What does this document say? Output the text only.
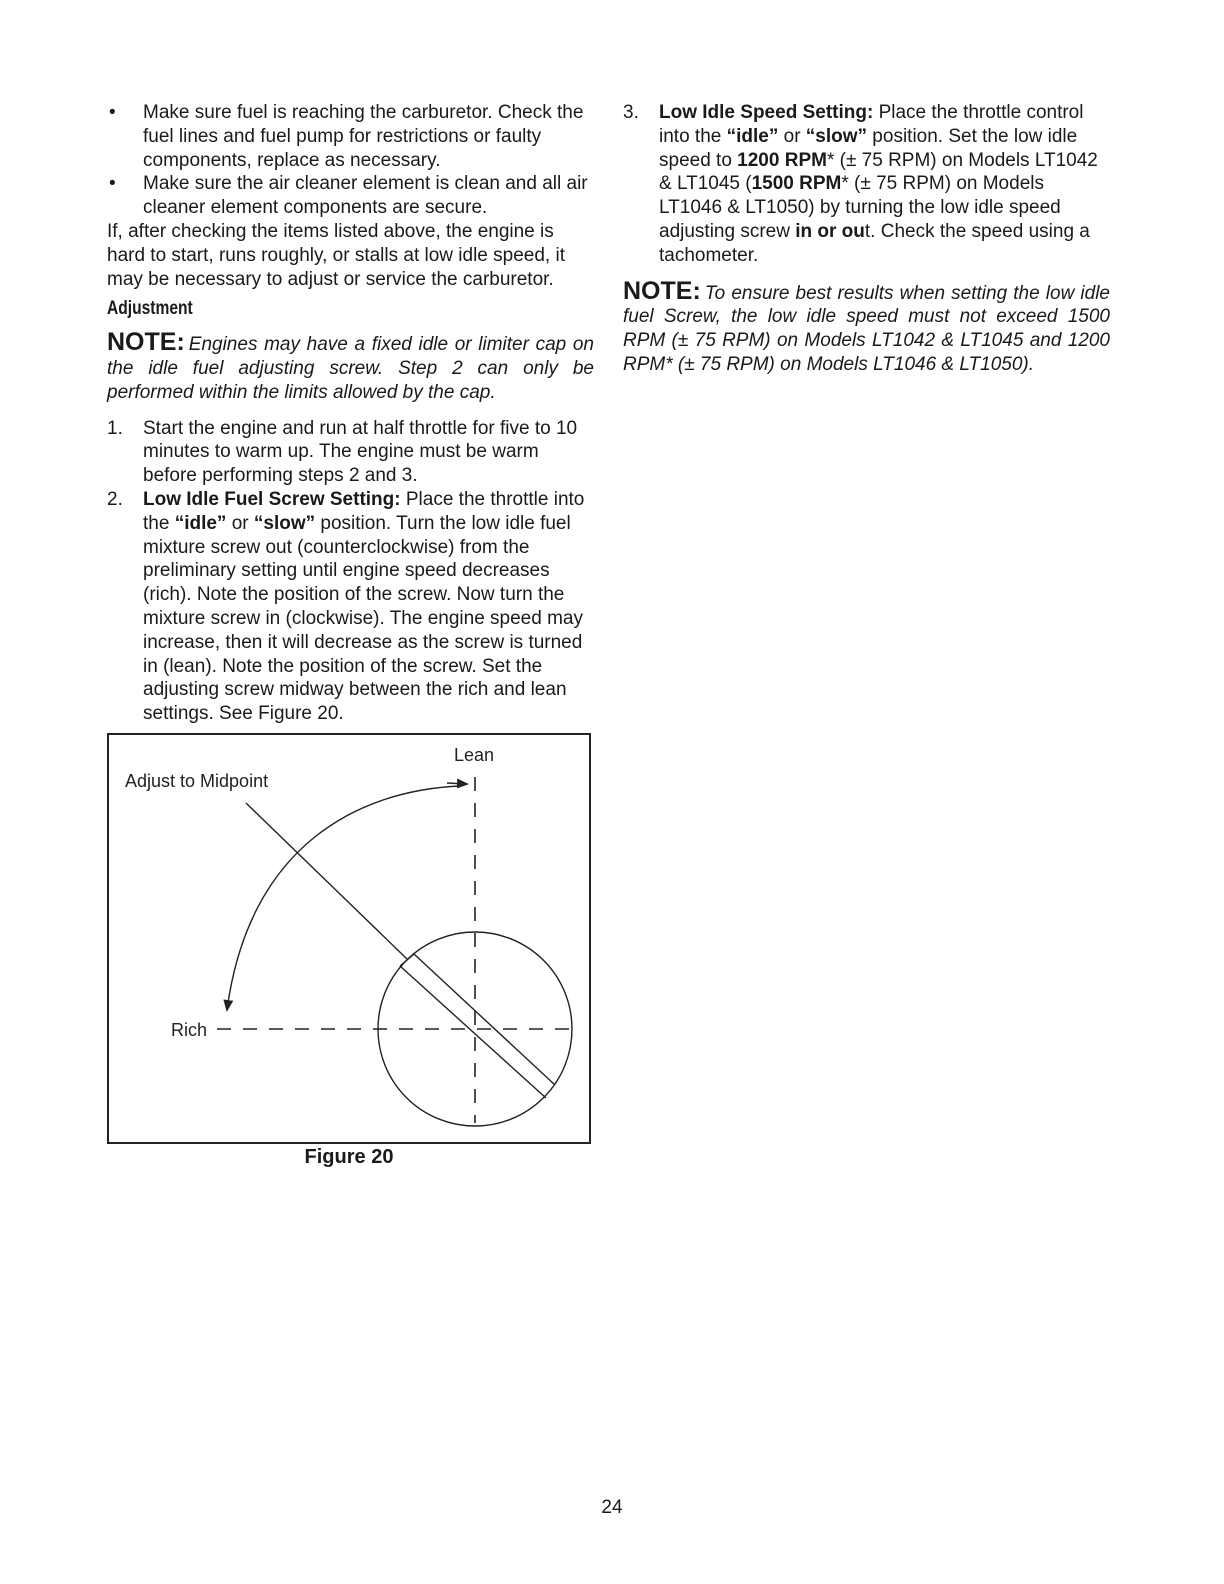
• Make sure fuel is reaching the carburetor. Check the fuel lines and fuel pump for restrictions or faulty components, replace as necessary.
• Make sure the air cleaner element is clean and all air cleaner element components are secure.

If, after checking the items listed above, the engine is hard to start, runs roughly, or stalls at low idle speed, it may be necessary to adjust or service the carburetor.

Adjustment

NOTE: Engines may have a fixed idle or limiter cap on the idle fuel adjusting screw. Step 2 can only be performed within the limits allowed by the cap.

1. Start the engine and run at half throttle for five to 10 minutes to warm up. The engine must be warm before performing steps 2 and 3.
2. Low Idle Fuel Screw Setting: Place the throttle into the “idle” or “slow” position. Turn the low idle fuel mixture screw out (counterclockwise) from the preliminary setting until engine speed decreases (rich). Note the position of the screw. Now turn the mixture screw in (clockwise). The engine speed may increase, then it will decrease as the screw is turned in (lean). Note the position of the screw. Set the adjusting screw midway between the rich and lean settings. See Figure 20.
Lean
Adjust to Midpoint
Rich
Figure 20
3. Low Idle Speed Setting: Place the throttle control into the “idle” or “slow” position. Set the low idle speed to 1200 RPM* (± 75 RPM) on Models LT1042 & LT1045 (1500 RPM* (± 75 RPM) on Models LT1046 & LT1050) by turning the low idle speed adjusting screw in or out. Check the speed using a tachometer.

NOTE: To ensure best results when setting the low idle fuel Screw, the low idle speed must not exceed 1500 RPM (± 75 RPM) on Models LT1042 & LT1045 and 1200 RPM* (± 75 RPM) on Models LT1046 & LT1050).

24
